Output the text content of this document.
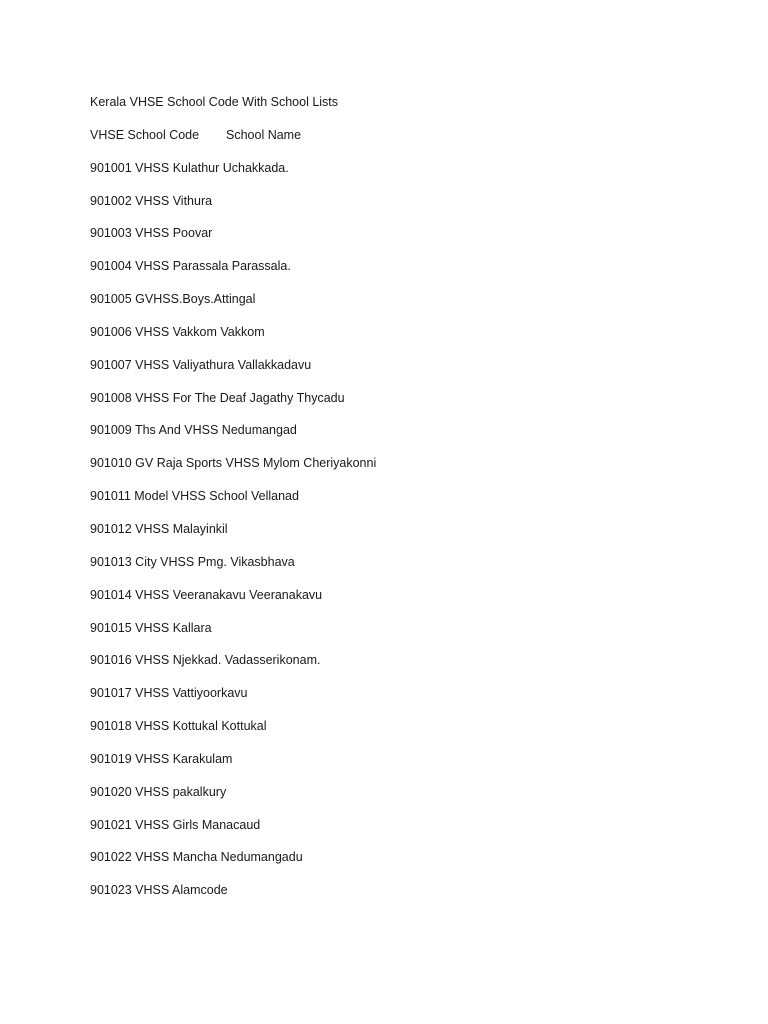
Kerala VHSE School Code With School Lists
VHSE School Code	School Name
901001 VHSS Kulathur Uchakkada.
901002 VHSS Vithura
901003 VHSS Poovar
901004 VHSS Parassala Parassala.
901005 GVHSS.Boys.Attingal
901006 VHSS Vakkom Vakkom
901007 VHSS Valiyathura Vallakkadavu
901008 VHSS For The Deaf Jagathy Thycadu
901009 Ths And VHSS Nedumangad
901010 GV Raja Sports VHSS Mylom Cheriyakonni
901011 Model VHSS School Vellanad
901012 VHSS Malayinkil
901013 City VHSS Pmg. Vikasbhava
901014 VHSS Veeranakavu Veeranakavu
901015 VHSS Kallara
901016 VHSS Njekkad. Vadasserikonam.
901017 VHSS Vattiyoorkavu
901018 VHSS Kottukal Kottukal
901019 VHSS Karakulam
901020 VHSS pakalkury
901021 VHSS Girls Manacaud
901022 VHSS Mancha Nedumangadu
901023 VHSS Alamcode
